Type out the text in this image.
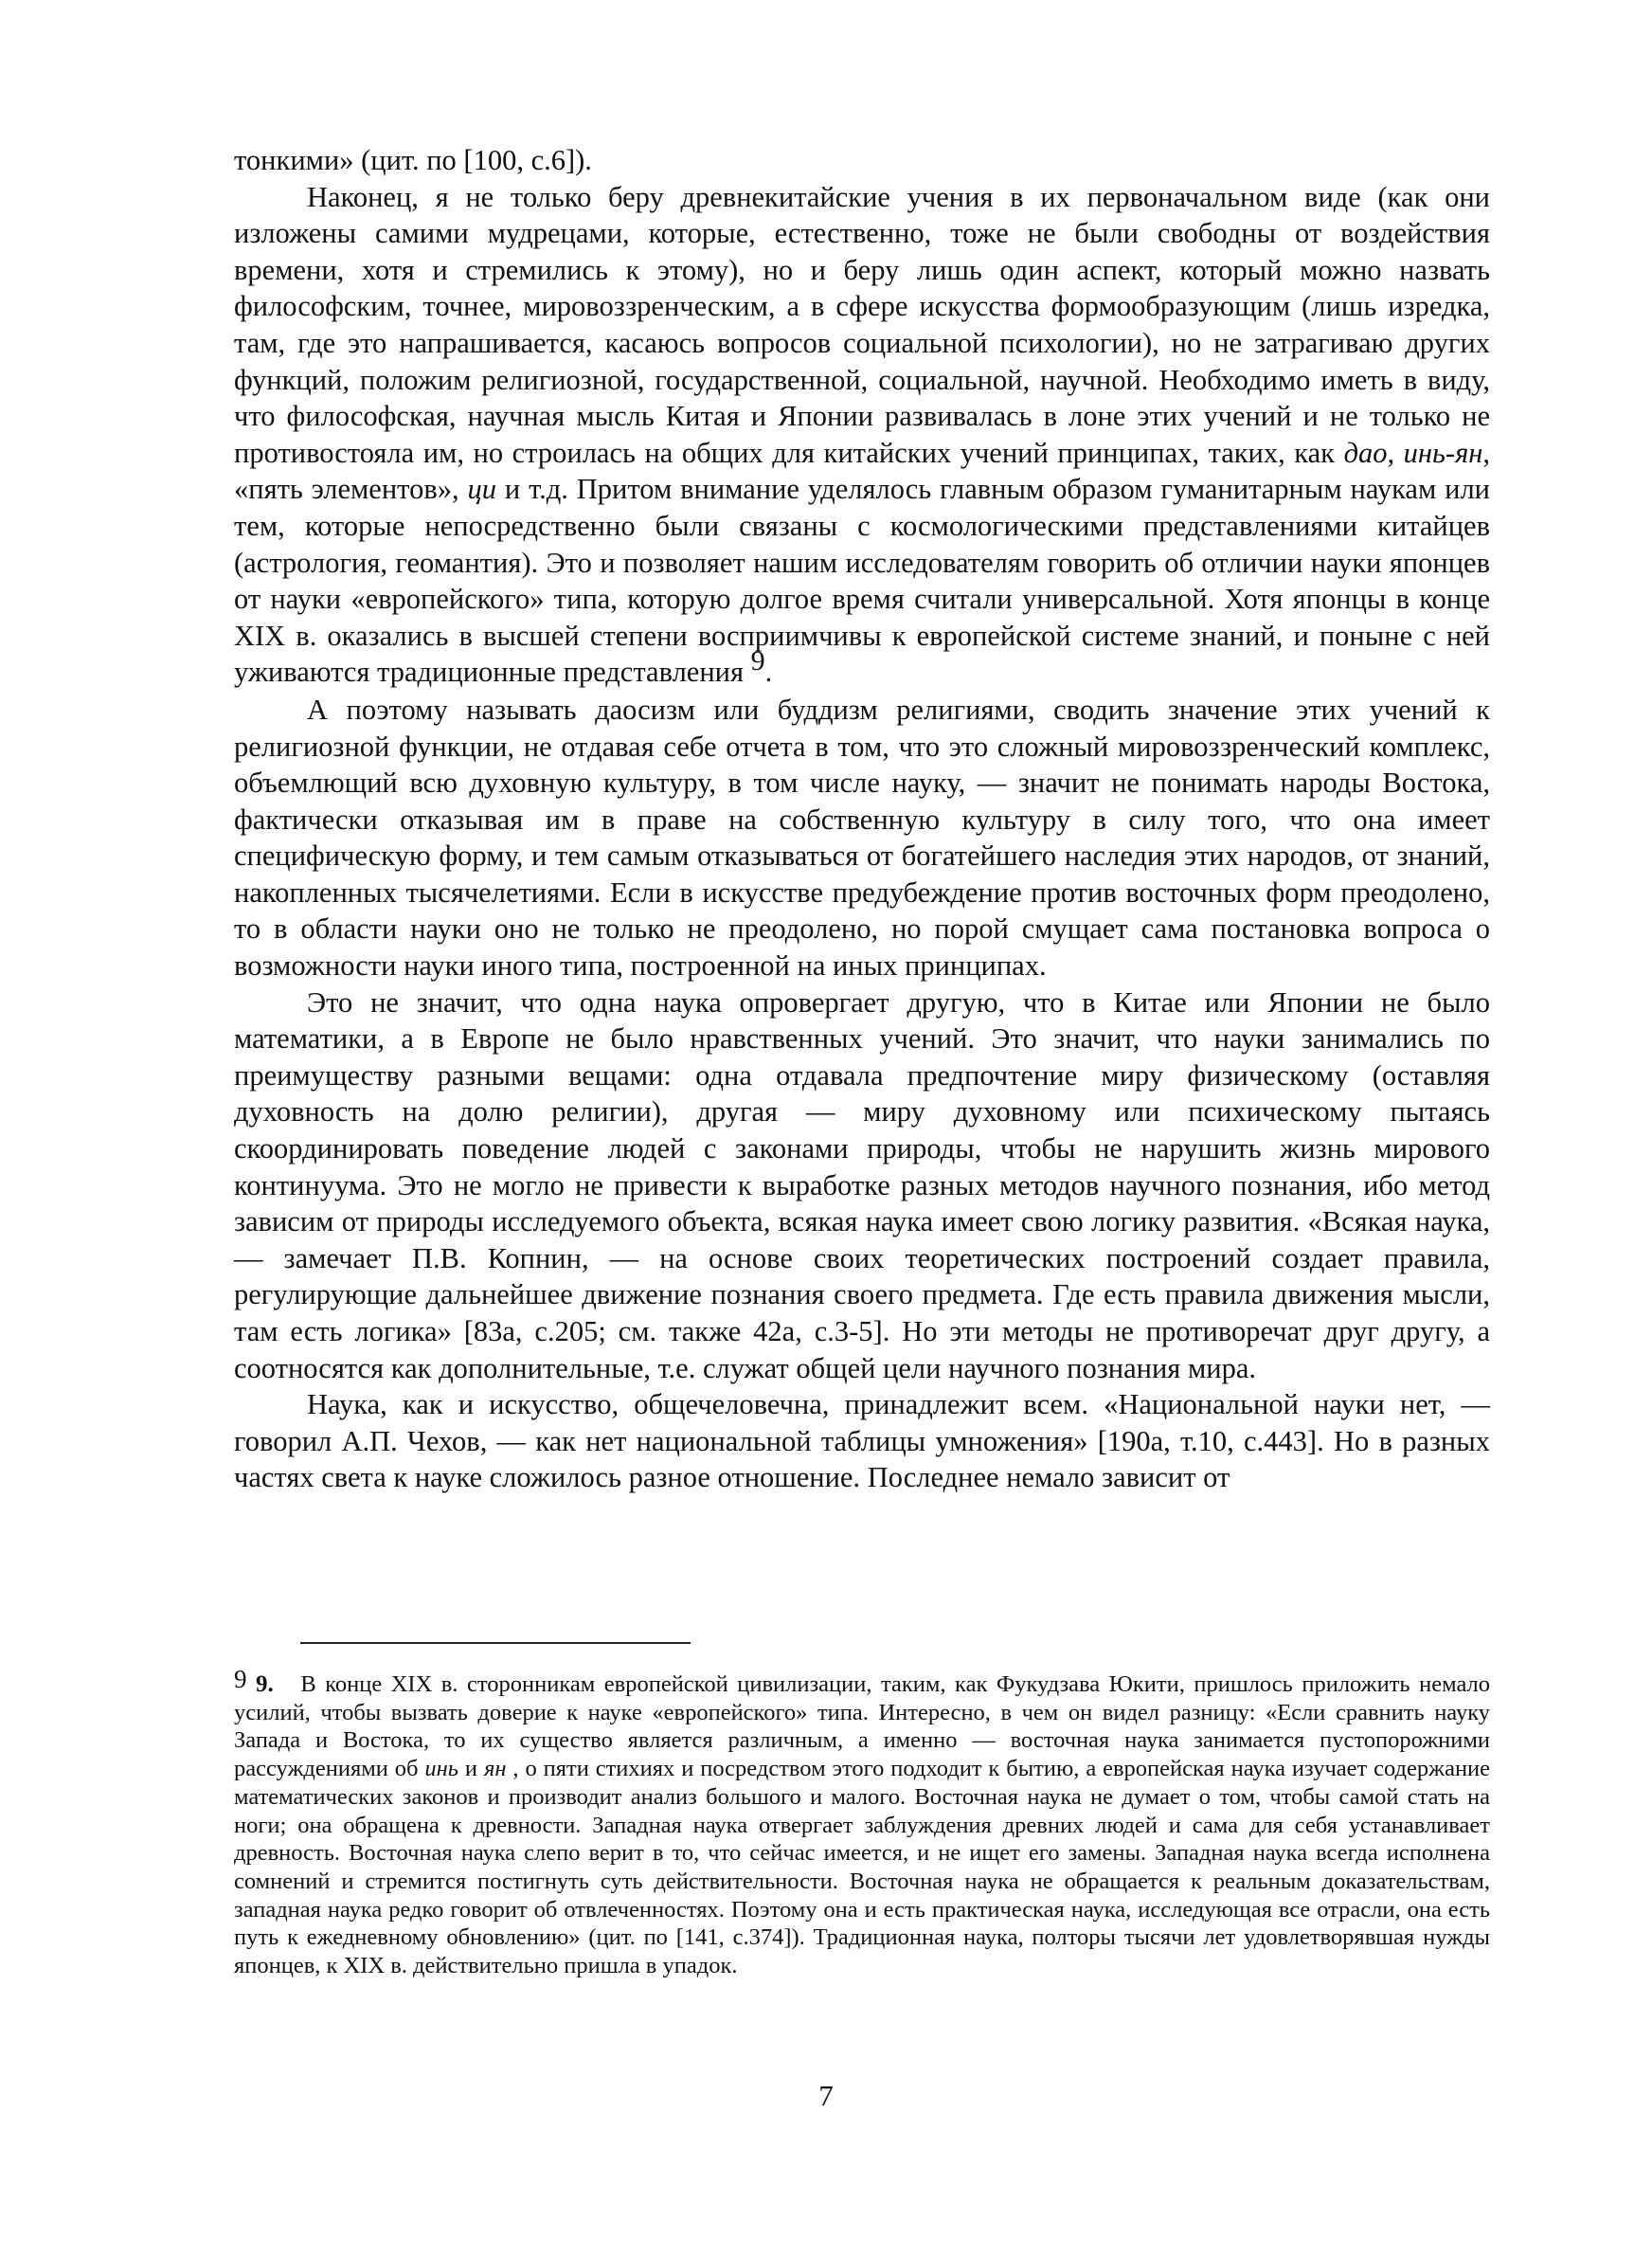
тонкими» (цит. по [100, с.6]).

Наконец, я не только беру древнекитайские учения в их первоначальном виде (как они изложены самими мудрецами, которые, естественно, тоже не были свободны от воздействия времени, хотя и стремились к этому), но и беру лишь один аспект, который можно назвать философским, точнее, мировоззренческим, а в сфере искусства формообразующим (лишь изредка, там, где это напрашивается, касаюсь вопросов социальной психологии), но не затрагиваю других функций, положим религиозной, государственной, социальной, научной. Необходимо иметь в виду, что философская, научная мысль Китая и Японии развивалась в лоне этих учений и не только не противостояла им, но строилась на общих для китайских учений принципах, таких, как дао, инь-ян, «пять элементов», ци и т.д. Притом внимание уделялось главным образом гуманитарным наукам или тем, которые непосредственно были связаны с космологическими представлениями китайцев (астрология, геомантия). Это и позволяет нашим исследователям говорить об отличии науки японцев от науки «европейского» типа, которую долгое время считали универсальной. Хотя японцы в конце XIX в. оказались в высшей степени восприимчивы к европейской системе знаний, и поныне с ней уживаются традиционные представления 9.

А поэтому называть даосизм или буддизм религиями, сводить значение этих учений к религиозной функции, не отдавая себе отчета в том, что это сложный мировоззренческий комплекс, объемлющий всю духовную культуру, в том числе науку, — значит не понимать народы Востока, фактически отказывая им в праве на собственную культуру в силу того, что она имеет специфическую форму, и тем самым отказываться от богатейшего наследия этих народов, от знаний, накопленных тысячелетиями. Если в искусстве предубеждение против восточных форм преодолено, то в области науки оно не только не преодолено, но порой смущает сама постановка вопроса о возможности науки иного типа, построенной на иных принципах.

Это не значит, что одна наука опровергает другую, что в Китае или Японии не было математики, а в Европе не было нравственных учений. Это значит, что науки занимались по преимуществу разными вещами: одна отдавала предпочтение миру физическому (оставляя духовность на долю религии), другая — миру духовному или психическому пытаясь скоординировать поведение людей с законами природы, чтобы не нарушить жизнь мирового континуума. Это не могло не привести к выработке разных методов научного познания, ибо метод зависим от природы исследуемого объекта, всякая наука имеет свою логику развития. «Всякая наука, — замечает П.В. Копнин, — на основе своих теоретических построений создает правила, регулирующие дальнейшее движение познания своего предмета. Где есть правила движения мысли, там есть логика» [83а, с.205; см. также 42а, с.3-5]. Но эти методы не противоречат друг другу, а соотносятся как дополнительные, т.е. служат общей цели научного познания мира.

Наука, как и искусство, общечеловечна, принадлежит всем. «Национальной науки нет, — говорил А.П. Чехов, — как нет национальной таблицы умножения» [190а, т.10, с.443]. Но в разных частях света к науке сложилось разное отношение. Последнее немало зависит от

9 9. В конце XIX в. сторонникам европейской цивилизации, таким, как Фукудзава Юкити, пришлось приложить немало усилий, чтобы вызвать доверие к науке «европейского» типа. Интересно, в чем он видел разницу: «Если сравнить науку Запада и Востока, то их существо является различным, а именно — восточная наука занимается пустопорожними рассуждениями об инь и ян , о пяти стихиях и посредством этого подходит к бытию, а европейская наука изучает содержание математических законов и производит анализ большого и малого. Восточная наука не думает о том, чтобы самой стать на ноги; она обращена к древности. Западная наука отвергает заблуждения древних людей и сама для себя устанавливает древность. Восточная наука слепо верит в то, что сейчас имеется, и не ищет его замены. Западная наука всегда исполнена сомнений и стремится постигнуть суть действительности. Восточная наука не обращается к реальным доказательствам, западная наука редко говорит об отвлеченностях. Поэтому она и есть практическая наука, исследующая все отрасли, она есть путь к ежедневному обновлению» (цит. по [141, с.374]). Традиционная наука, полторы тысячи лет удовлетворявшая нужды японцев, к XIX в. действительно пришла в упадок.

7
